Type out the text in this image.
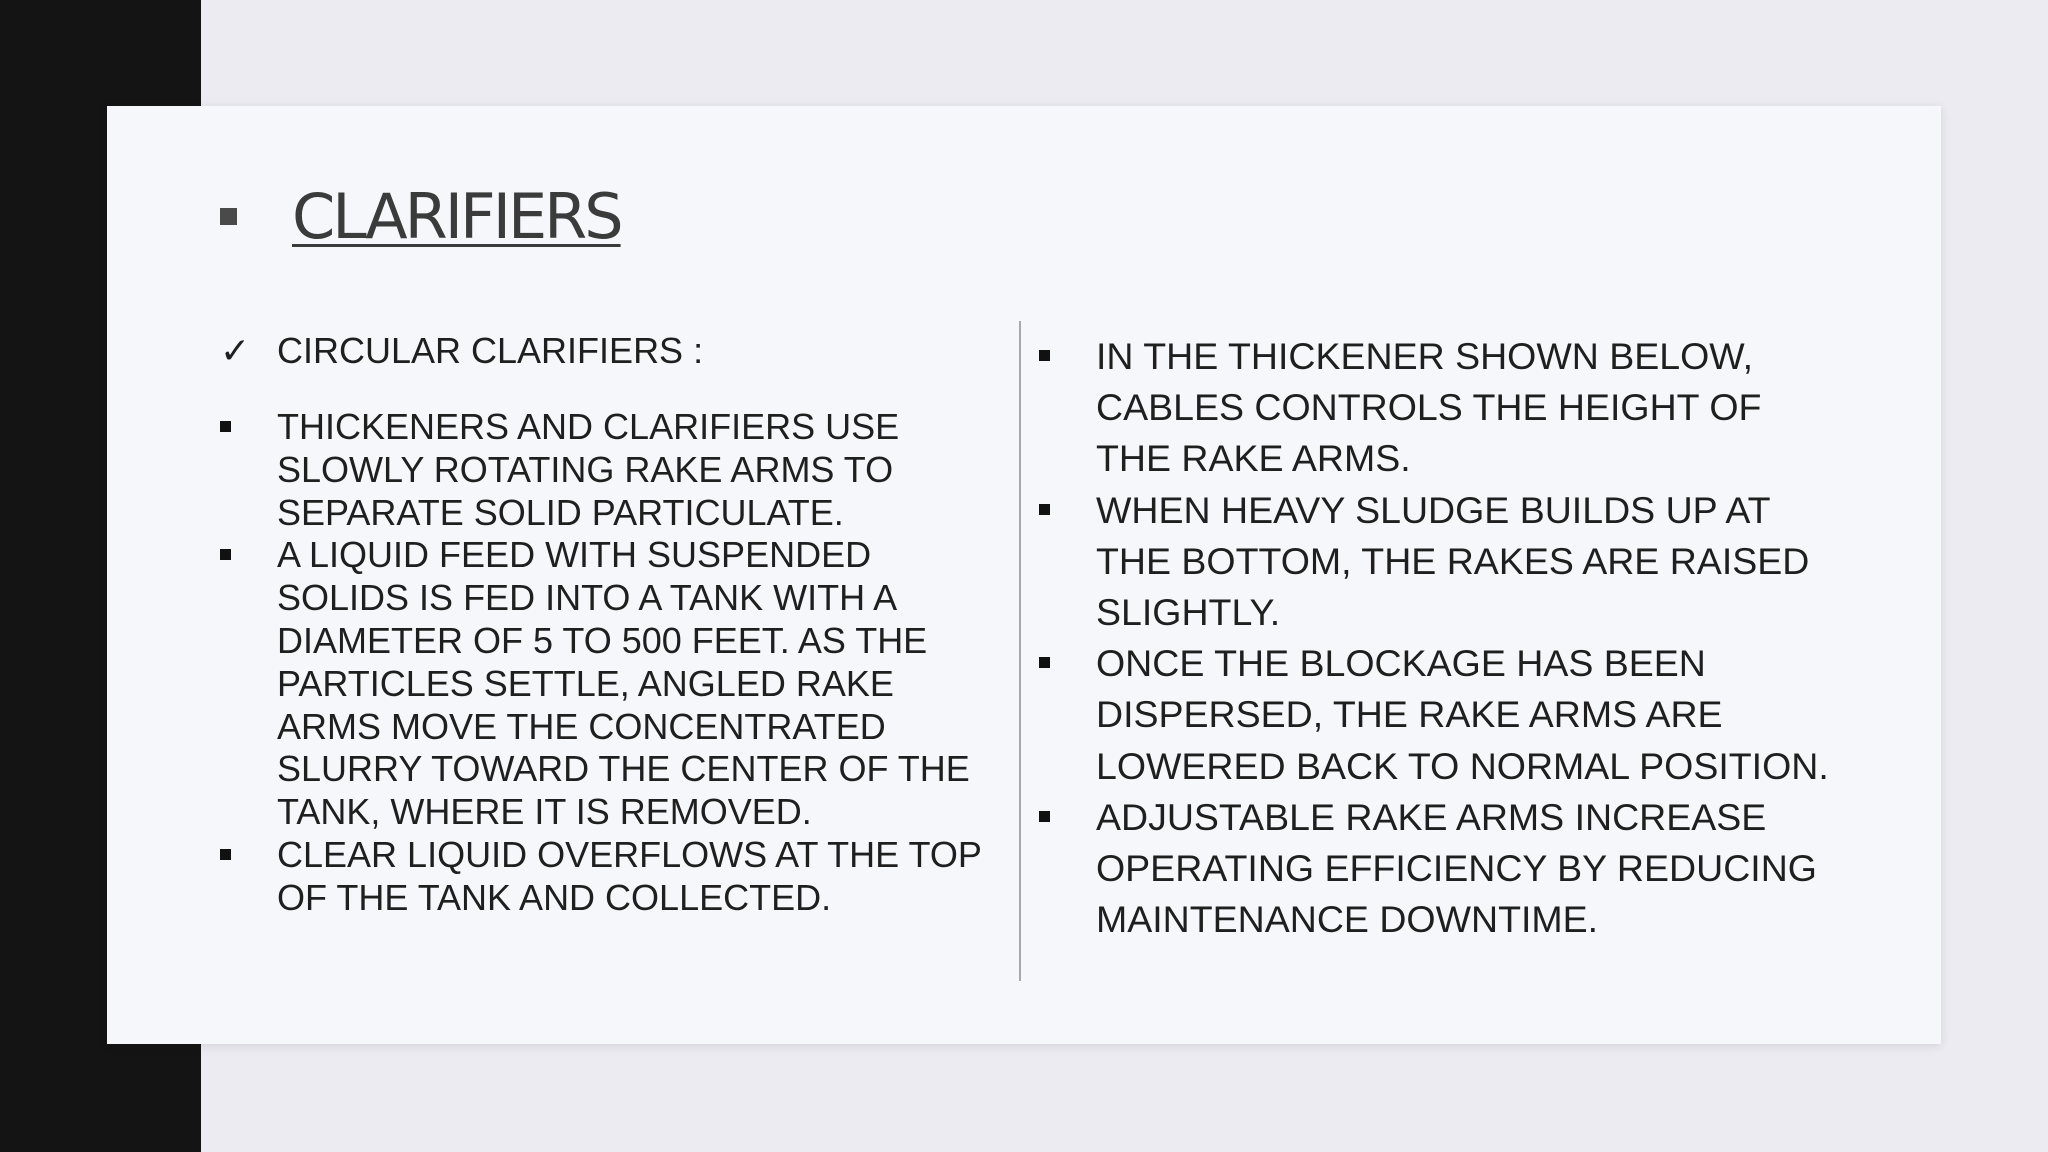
CLARIFIERS
✓ CIRCULAR CLARIFIERS :
THICKENERS AND CLARIFIERS USE SLOWLY ROTATING RAKE ARMS TO SEPARATE SOLID PARTICULATE.
A LIQUID FEED WITH SUSPENDED SOLIDS IS FED INTO A TANK WITH A DIAMETER OF 5 TO 500 FEET. AS THE PARTICLES SETTLE, ANGLED RAKE ARMS MOVE THE CONCENTRATED SLURRY TOWARD THE CENTER OF THE TANK, WHERE IT IS REMOVED.
CLEAR LIQUID OVERFLOWS AT THE TOP OF THE TANK AND COLLECTED.
IN THE THICKENER SHOWN BELOW, CABLES CONTROLS THE HEIGHT OF THE RAKE ARMS.
WHEN HEAVY SLUDGE BUILDS UP AT THE BOTTOM, THE RAKES ARE RAISED SLIGHTLY.
ONCE THE BLOCKAGE HAS BEEN DISPERSED, THE RAKE ARMS ARE LOWERED BACK TO NORMAL POSITION.
ADJUSTABLE RAKE ARMS INCREASE OPERATING EFFICIENCY BY REDUCING MAINTENANCE DOWNTIME.
